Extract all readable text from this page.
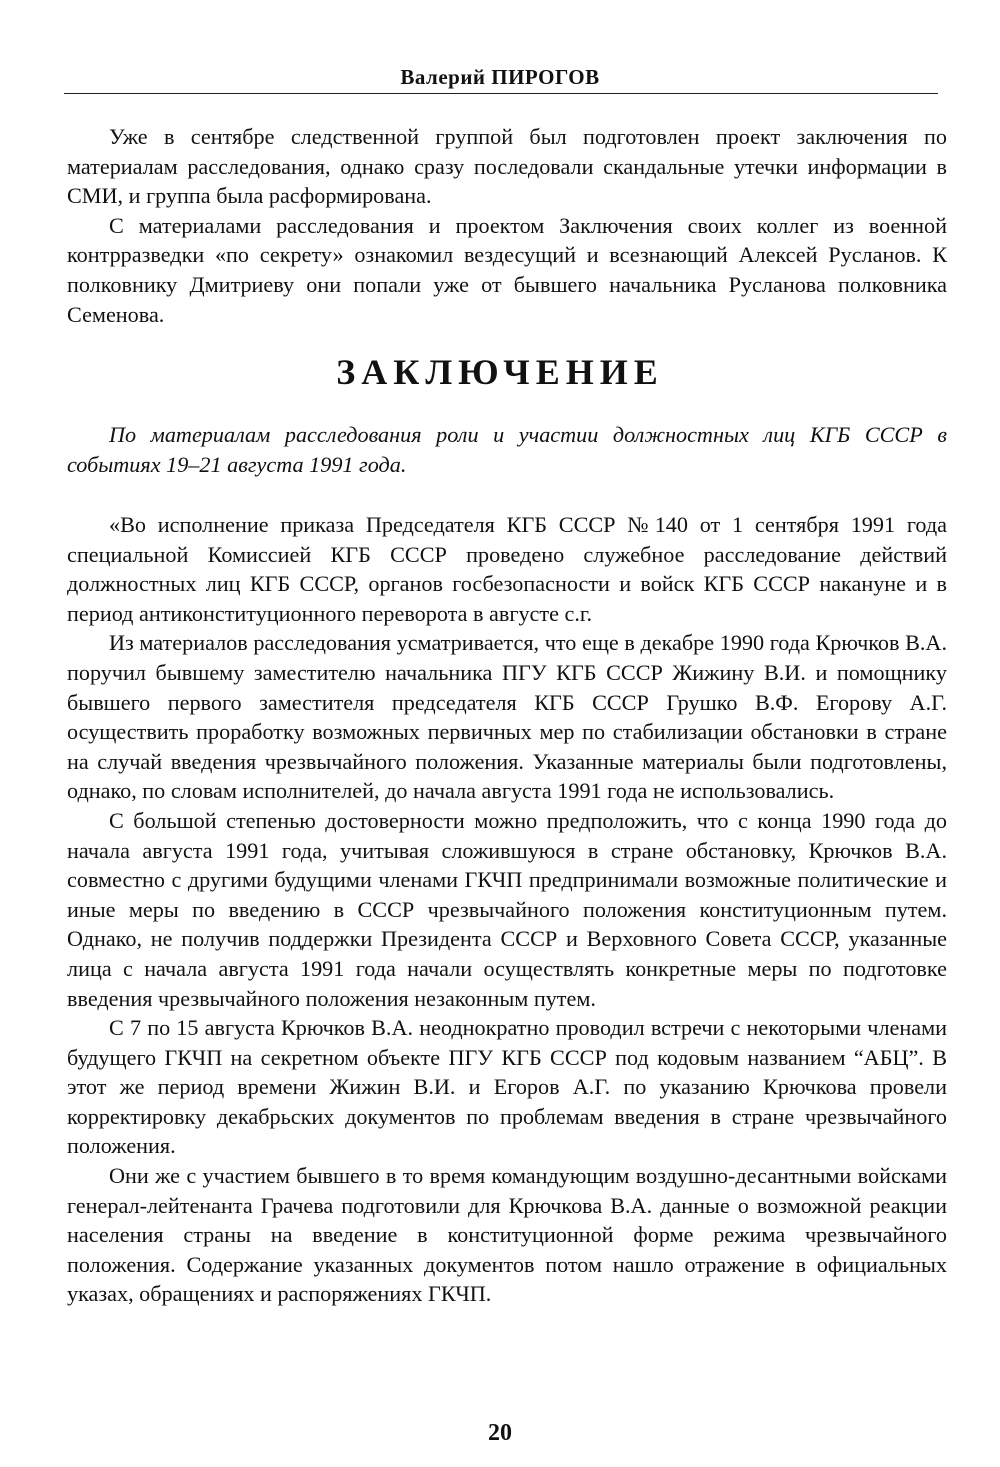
Валерий ПИРОГОВ

Уже в сентябре следственной группой был подготовлен проект заключения по материалам расследования, однако сразу последовали скандальные утечки информации в СМИ, и группа была расформирована.

С материалами расследования и проектом Заключения своих коллег из военной контрразведки «по секрету» ознакомил вездесущий и всезнающий Алексей Русланов. К полковнику Дмитриеву они попали уже от бывшего начальника Русланова полковника Семенова.

ЗАКЛЮЧЕНИЕ
По материалам расследования роли и участии должностных лиц КГБ СССР в событиях 19–21 августа 1991 года.

«Во исполнение приказа Председателя КГБ СССР №140 от 1 сентября 1991 года специальной Комиссией КГБ СССР проведено служебное расследование действий должностных лиц КГБ СССР, органов госбезопасности и войск КГБ СССР накануне и в период антиконституционного переворота в августе с.г.

Из материалов расследования усматривается, что еще в декабре 1990 года Крючков В.А. поручил бывшему заместителю начальника ПГУ КГБ СССР Жижину В.И. и помощнику бывшего первого заместителя председателя КГБ СССР Грушко В.Ф. Егорову А.Г. осуществить проработку возможных первичных мер по стабилизации обстановки в стране на случай введения чрезвычайного положения. Указанные материалы были подготовлены, однако, по словам исполнителей, до начала августа 1991 года не использовались.

С большой степенью достоверности можно предположить, что с конца 1990 года до начала августа 1991 года, учитывая сложившуюся в стране обстановку, Крючков В.А. совместно с другими будущими членами ГКЧП предпринимали возможные политические и иные меры по введению в СССР чрезвычайного положения конституционным путем. Однако, не получив поддержки Президента СССР и Верховного Совета СССР, указанные лица с начала августа 1991 года начали осуществлять конкретные меры по подготовке введения чрезвычайного положения незаконным путем.

С 7 по 15 августа Крючков В.А. неоднократно проводил встречи с некоторыми членами будущего ГКЧП на секретном объекте ПГУ КГБ СССР под кодовым названием “АБЦ”. В этот же период времени Жижин В.И. и Егоров А.Г. по указанию Крючкова провели корректировку декабрьских документов по проблемам введения в стране чрезвычайного положения.

Они же с участием бывшего в то время командующим воздушно-десантными войсками генерал-лейтенанта Грачева подготовили для Крючкова В.А. данные о возможной реакции населения страны на введение в конституционной форме режима чрезвычайного положения. Содержание указанных документов потом нашло отражение в официальных указах, обращениях и распоряжениях ГКЧП.

20
